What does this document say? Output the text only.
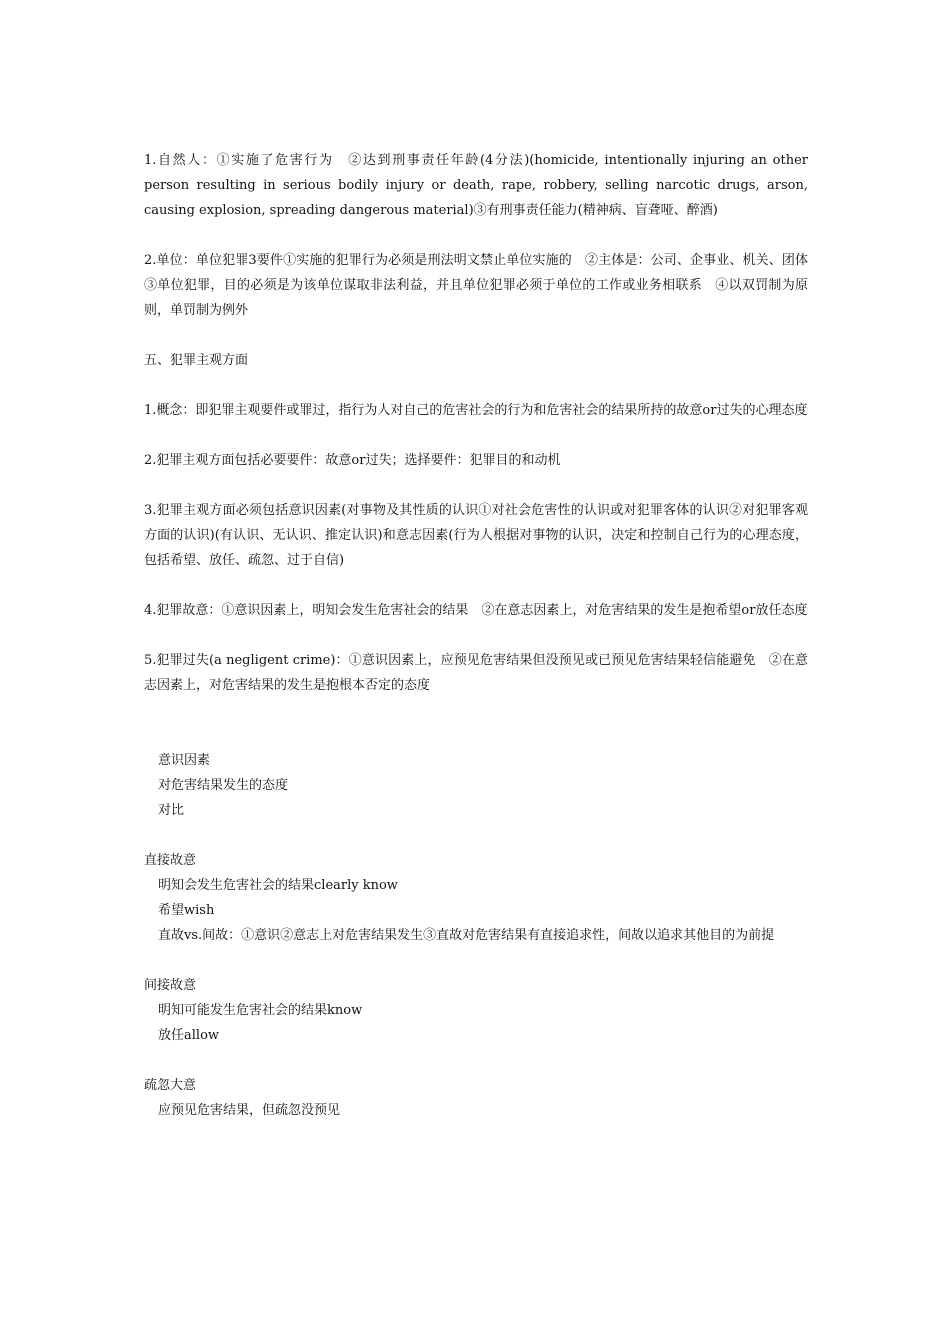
1.自然人：①实施了危害行为　②达到刑事责任年龄(4分法)(homicide, intentionally injuring an other person resulting in serious bodily injury or death, rape, robbery, selling narcotic drugs, arson, causing explosion, spreading dangerous material)③有刑事责任能力(精神病、盲聋哑、醉酒)
2.单位：单位犯罪3要件①实施的犯罪行为必须是刑法明文禁止单位实施的　②主体是：公司、企事业、机关、团体　③单位犯罪，目的必须是为该单位谋取非法利益，并且单位犯罪必须于单位的工作或业务相联系　④以双罚制为原则，单罚制为例外
五、犯罪主观方面
1.概念：即犯罪主观要件或罪过，指行为人对自己的危害社会的行为和危害社会的结果所持的故意or过失的心理态度
2.犯罪主观方面包括必要要件：故意or过失；选择要件：犯罪目的和动机
3.犯罪主观方面必须包括意识因素(对事物及其性质的认识①对社会危害性的认识或对犯罪客体的认识②对犯罪客观方面的认识)(有认识、无认识、推定认识)和意志因素(行为人根据对事物的认识，决定和控制自己行为的心理态度，包括希望、放任、疏忽、过于自信)
4.犯罪故意：①意识因素上，明知会发生危害社会的结果　②在意志因素上，对危害结果的发生是抱希望or放任态度
5.犯罪过失(a negligent crime)：①意识因素上，应预见危害结果但没预见或已预见危害结果轻信能避免　②在意志因素上，对危害结果的发生是抱根本否定的态度
意识因素
对危害结果发生的态度
对比
直接故意
明知会发生危害社会的结果clearly know
希望wish
直故vs.间故：①意识②意志上对危害结果发生③直故对危害结果有直接追求性，间故以追求其他目的为前提
间接故意
明知可能发生危害社会的结果know
放任allow
疏忽大意
应预见危害结果，但疏忽没预见
